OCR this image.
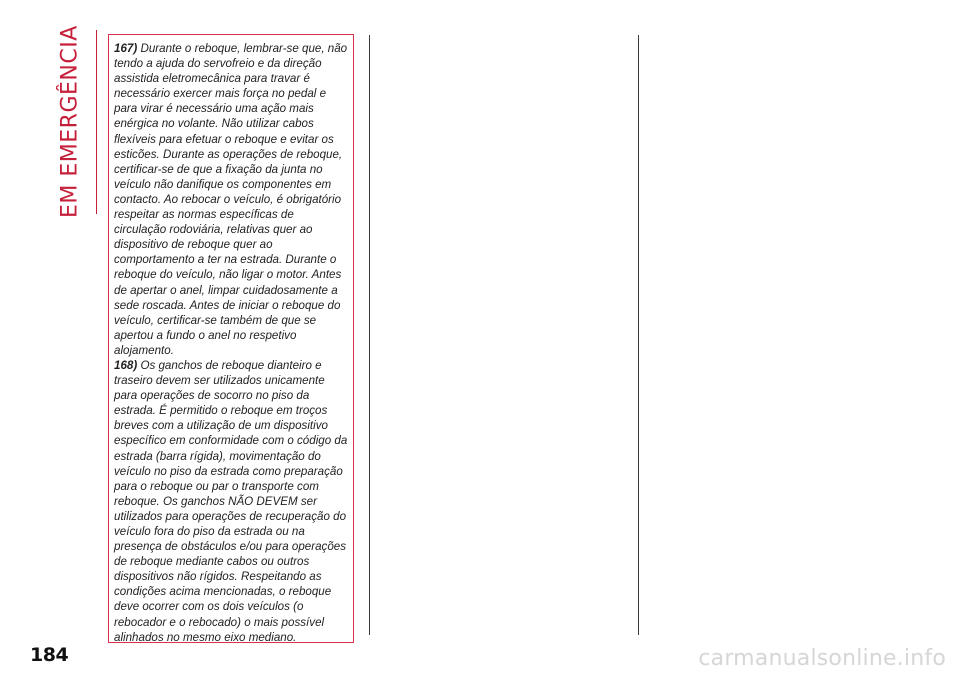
EM EMERGÊNCIA	167) Durante o reboque, lembrar-se que, não tendo a ajuda do servofreio e da direção assistida eletromecânica para travar é necessário exercer mais força no pedal e para virar é necessário uma ação mais enérgica no volante. Não utilizar cabos flexíveis para efetuar o reboque e evitar os esticões. Durante as operações de reboque, certificar-se de que a fixação da junta no veículo não danifique os componentes em contacto. Ao rebocar o veículo, é obrigatório respeitar as normas específicas de circulação rodoviária, relativas quer ao dispositivo de reboque quer ao comportamento a ter na estrada. Durante o reboque do veículo, não ligar o motor. Antes de apertar o anel, limpar cuidadosamente a sede roscada. Antes de iniciar o reboque do veículo, certificar-se também de que se apertou a fundo o anel no respetivo alojamento.

168) Os ganchos de reboque dianteiro e traseiro devem ser utilizados unicamente para operações de socorro no piso da estrada. É permitido o reboque em troços breves com a utilização de um dispositivo específico em conformidade com o código da estrada (barra rígida), movimentação do veículo no piso da estrada como preparação para o reboque ou par o transporte com reboque. Os ganchos NÃO DEVEM ser utilizados para operações de recuperação do veículo fora do piso da estrada ou na presença de obstáculos e/ou para operações de reboque mediante cabos ou outros dispositivos não rígidos. Respeitando as condições acima mencionadas, o reboque deve ocorrer com os dois veículos (o rebocador e o rebocado) o mais possível alinhados no mesmo eixo mediano.

184	carmanualsonline.info
